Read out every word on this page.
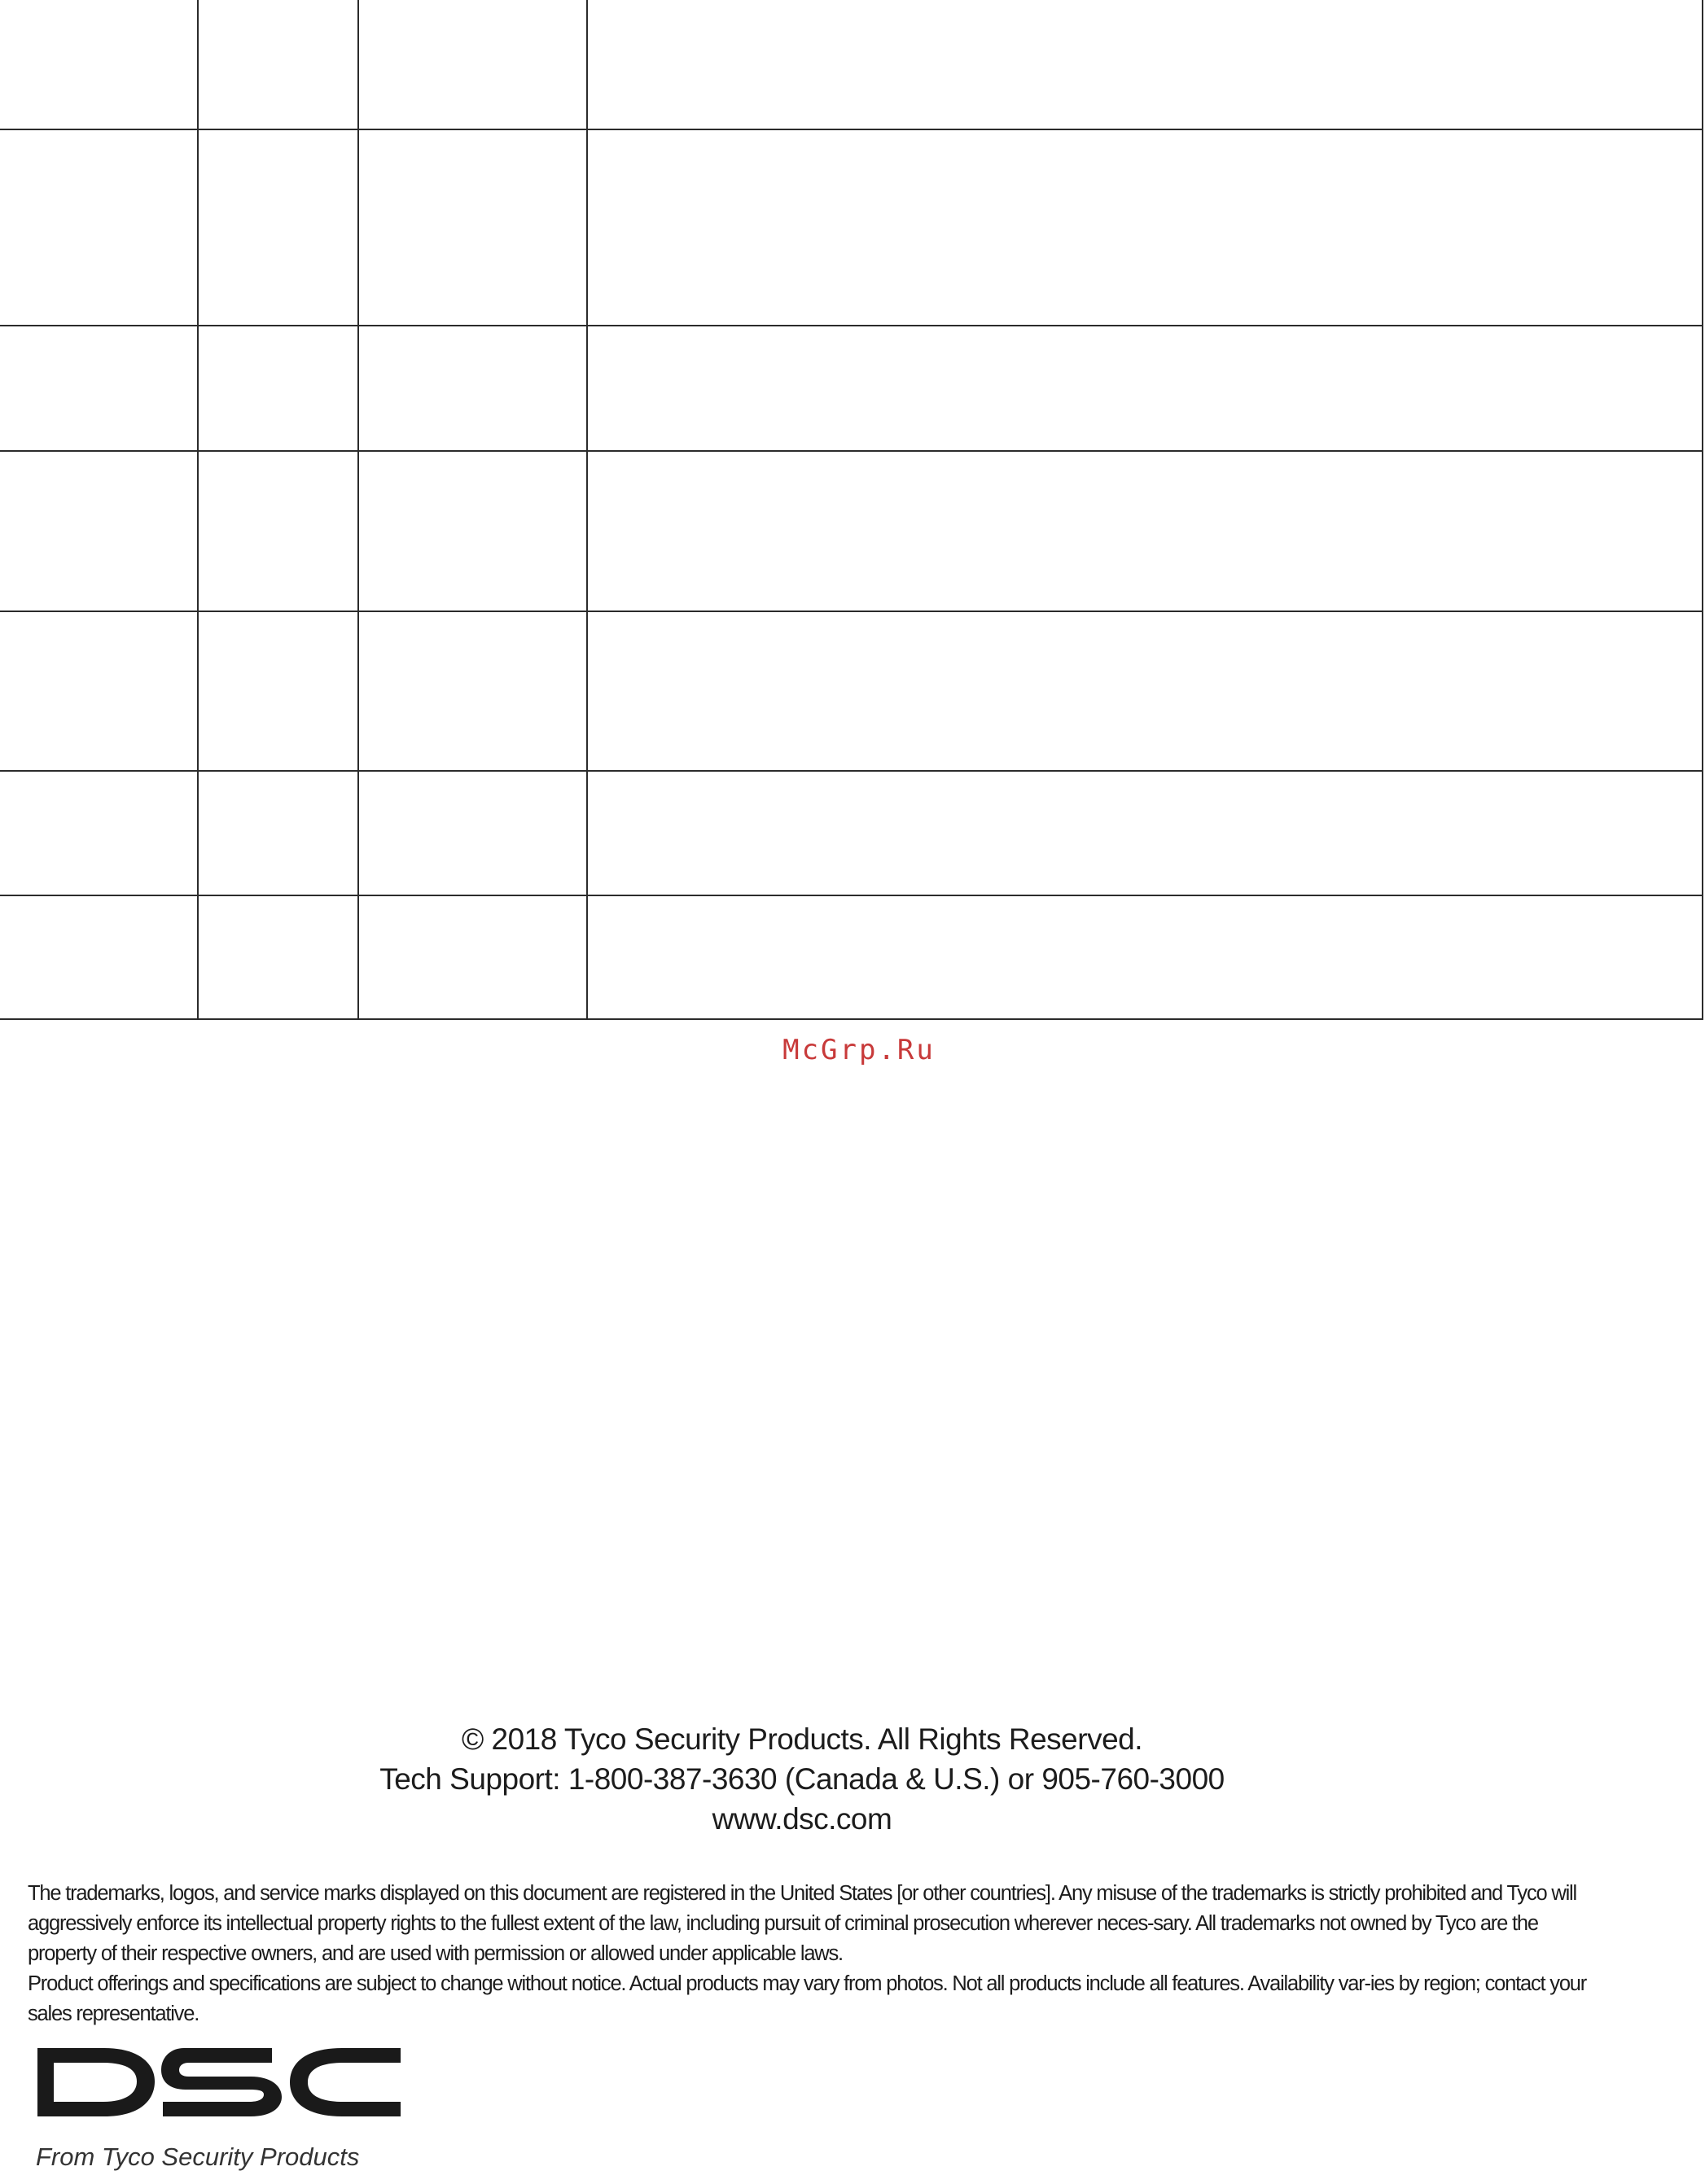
McGrp.Ru
© 2018 Tyco Security Products. All Rights Reserved.
Tech Support: 1-800-387-3630 (Canada & U.S.) or 905-760-3000
www.dsc.com

The trademarks, logos, and service marks displayed on this document are registered in the United States [or other countries]. Any misuse of the trademarks is strictly prohibited and Tyco will aggressively enforce its intellectual property rights to the fullest extent of the law, including pursuit of criminal prosecution wherever neces-sary. All trademarks not owned by Tyco are the property of their respective owners, and are used with permission or allowed under applicable laws.

Product offerings and specifications are subject to change without notice. Actual products may vary from photos. Not all products include all features. Availability var-ies by region; contact your sales representative.

From Tyco Security Products
